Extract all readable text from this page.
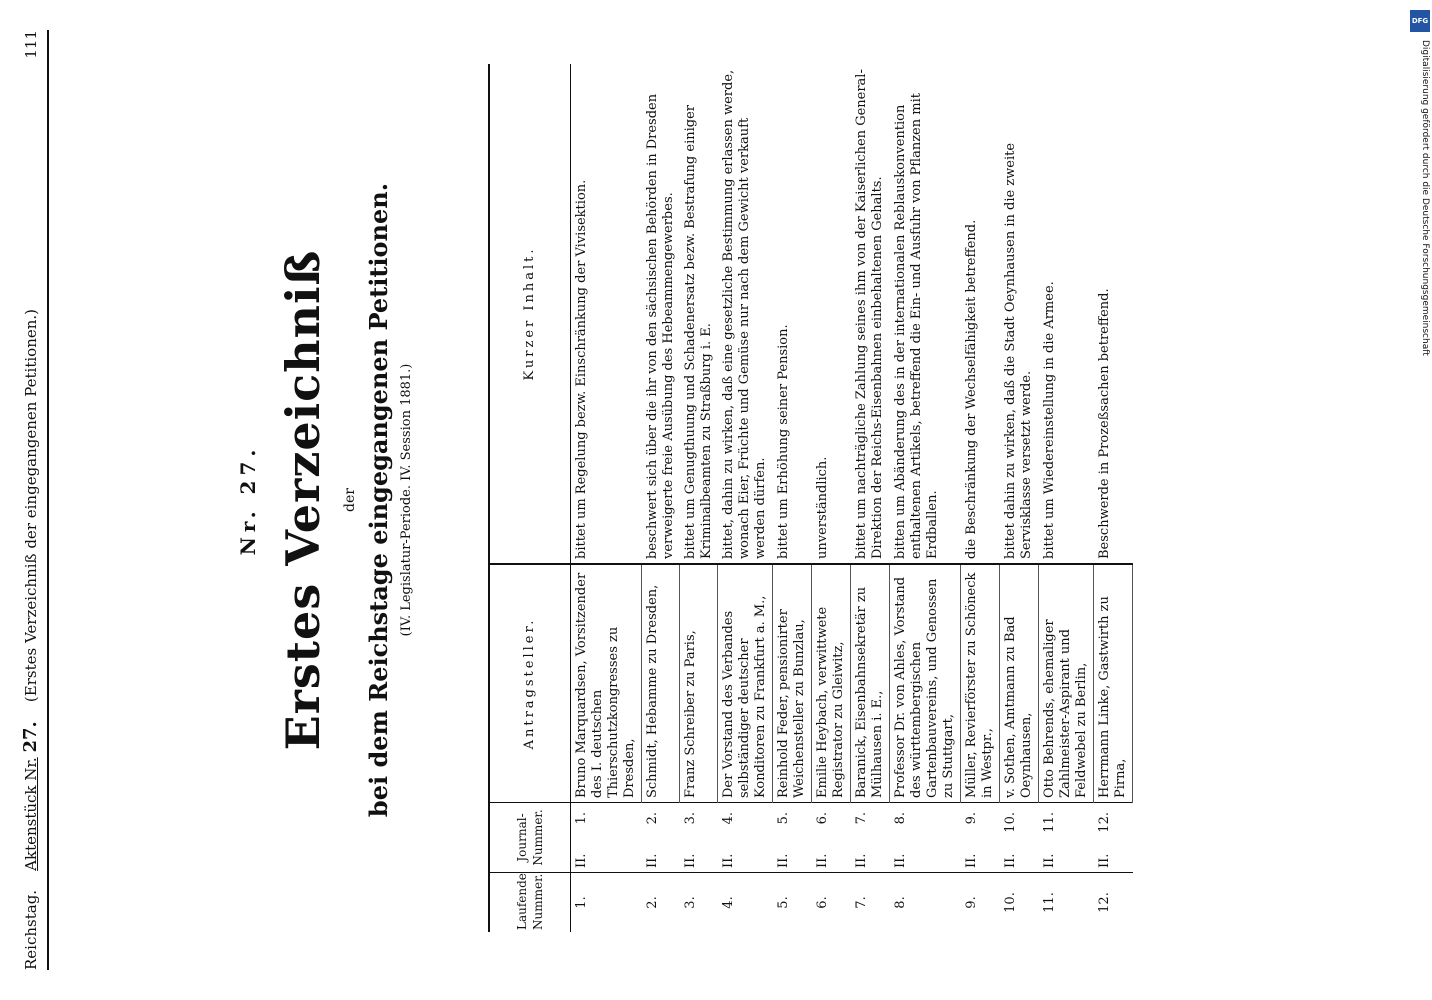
Reichstag.    Aktenstück Nr. 27.    (Erstes Verzeichniß der eingegangenen Petitionen.)
111
Nr. 27. Erstes Verzeichniß der bei dem Reichstage eingegangenen Petitionen. (IV. Legislatur-Periode. IV. Session 1881.)
Laufende Nummer.	Journal-Nummer.	Antragsteller.	Kurzer Inhalt.
1.	II.1.	Bruno Marquardsen, Vorsitzender des I. deutschen Thierschutzkongresses zu Dresden,	bittet um Regelung bezw. Einschränkung der Vivisektion.
2.	II.2.	Schmidt, Hebamme zu Dresden,	beschwert sich über die ihr von den sächsischen Behörden in Dresden verweigerte freie Ausübung des Hebeammengewerbes.
3.	II.3.	Franz Schreiber zu Paris,	bittet um Genugthuung und Schadenersatz bezw. Bestrafung einiger Kriminalbeamten zu Straßburg i. E.
4.	II.4.	Der Vorstand des Verbandes selbständiger deutscher Konditoren zu Frankfurt a. M.,	bittet, dahin zu wirken, daß eine gesetzliche Bestimmung erlassen werde, wonach Eier, Früchte und Gemüse nur nach dem Gewicht verkauft werden dürfen.
5.	II.5.	Reinhold Feder, pensionirter Weichensteller zu Bunzlau,	bittet um Erhöhung seiner Pension.
6.	II.6.	Emilie Heybach, verwittwete Registrator zu Gleiwitz,	unverständlich.
7.	II.7.	Baranick, Eisenbahnsekretär zu Mülhausen i. E.,	bittet um nachträgliche Zahlung seines ihm von der Kaiserlichen General-Direktion der Reichs-Eisenbahnen einbehaltenen Gehalts.
8.	II.8.	Professor Dr. von Ahles, Vorstand des württembergischen Gartenbauvereins, und Genossen zu Stuttgart,	bitten um Abänderung des in der internationalen Reblauskonvention enthaltenen Artikels, betreffend die Ein- und Ausfuhr von Pflanzen mit Erdballen.
9.	II.9.	Müller, Revierförster zu Schöneck in Westpr.,	die Beschränkung der Wechselfähigkeit betreffend.
10.	II.10.	v. Sothen, Amtmann zu Bad Oeynhausen,	bittet dahin zu wirken, daß die Stadt Oeynhausen in die zweite Servisklasse versetzt werde.
11.	II.11.	Otto Behrends, ehemaliger Zahlmeister-Aspirant und Feldwebel zu Berlin,	bittet um Wiedereinstellung in die Armee.
12.	II.12.	Herrmann Linke, Gastwirth zu Pirna,	Beschwerde in Prozeßsachen betreffend.
DFG
Digitalisierung gefördert durch die Deutsche Forschungsgemeinschaft
